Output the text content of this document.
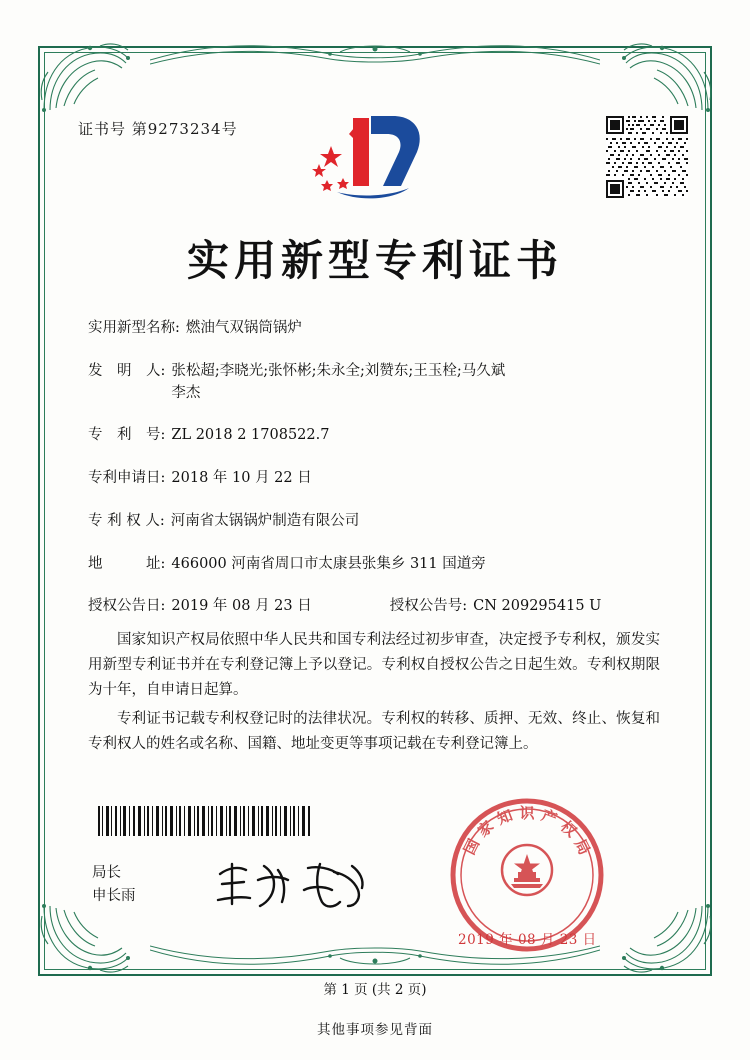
证书号 第9273234号
实用新型专利证书
实用新型名称: 燃油气双锅筒锅炉
发　明　人: 张松超;李晓光;张怀彬;朱永全;刘赞东;王玉栓;马久斌
李杰
专　利　号: ZL 2018 2 1708522.7
专利申请日: 2018 年 10 月 22 日
专 利 权 人: 河南省太锅锅炉制造有限公司
地　　　址: 466000 河南省周口市太康县张集乡 311 国道旁
授权公告日: 2019 年 08 月 23 日	授权公告号: CN 209295415 U

国家知识产权局依照中华人民共和国专利法经过初步审查，决定授予专利权，颁发实用新型专利证书并在专利登记簿上予以登记。专利权自授权公告之日起生效。专利权期限为十年，自申请日起算。

专利证书记载专利权登记时的法律状况。专利权的转移、质押、无效、终止、恢复和专利权人的姓名或名称、国籍、地址变更等事项记载在专利登记簿上。

局长
申长雨
国
家
知 识 产
权
局
2019 年 08 月 23 日
第 1 页 (共 2 页)
其他事项参见背面
